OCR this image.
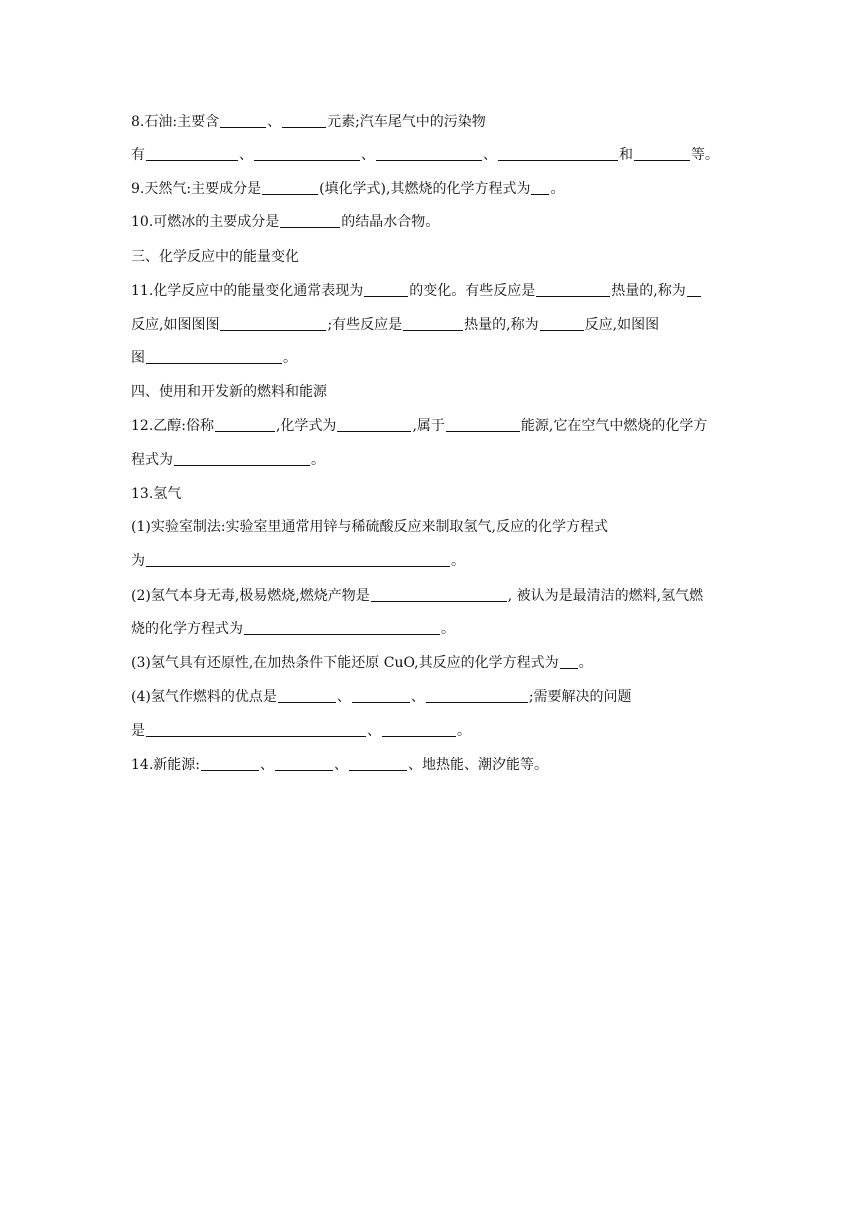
8.石油:主要含	、	元素;汽车尾气中的污染物
有	、	、	、	和	等。
9.天然气:主要成分是	(填化学式),其燃烧的化学方程式为 。
10.可燃冰的主要成分是	的结晶水合物。
三、化学反应中的能量变化
11.化学反应中的能量变化通常表现为	的变化。有些反应是	热量的,称为
反应,如图图图	;有些反应是	热量的,称为	反应,如图图
图	。
四、使用和开发新的燃料和能源
12.乙醇:俗称	,化学式为	,属于	能源,它在空气中燃烧的化学方
程式为	。
13.氢气
(1)实验室制法:实验室里通常用锌与稀硫酸反应来制取氢气,反应的化学方程式
为	。
(2)氢气本身无毒,极易燃烧,燃烧产物是	, 被认为是最清洁的燃料,氢气燃
烧的化学方程式为	。
(3)氢气具有还原性,在加热条件下能还原 CuO,其反应的化学方程式为 。
(4)氢气作燃料的优点是	、	、	;需要解决的问题
是	、	。
14.新能源:	、	、	、地热能、潮汐能等。
